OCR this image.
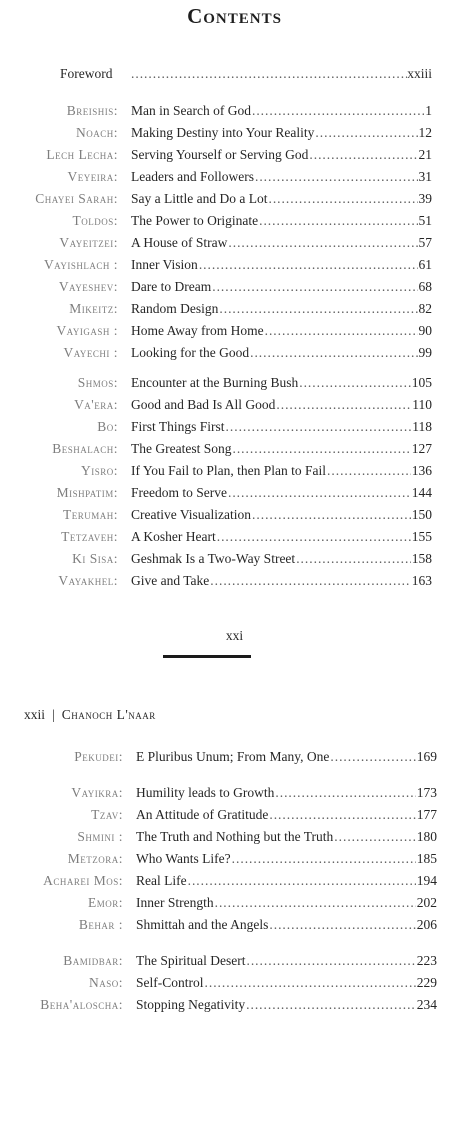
Contents
Foreword . . .	xxiii
Breishis: Man in Search of God . . .	1
Noach: Making Destiny into Your Reality . . .	12
Lech Lecha: Serving Yourself or Serving God . . .	21
Veyeira: Leaders and Followers . . .	31
Chayei Sarah: Say a Little and Do a Lot . . .	39
Toldos: The Power to Originate . . .	51
Vayeitzei: A House of Straw . . .	57
Vayishlach : Inner Vision . . .	61
Vayeshev: Dare to Dream . . .	68
Mikeitz: Random Design . . .	82
Vayigash : Home Away from Home . . .	90
Vayechi : Looking for the Good . . .	99
Shmos: Encounter at the Burning Bush . . .	105
Va'era: Good and Bad Is All Good . . .	110
Bo: First Things First . . .	118
Beshalach: The Greatest Song . . .	127
Yisro: If You Fail to Plan, then Plan to Fail . . .	136
Mishpatim: Freedom to Serve . . .	144
Terumah: Creative Visualization . . .	150
Tetzaveh: A Kosher Heart . . .	155
Ki Sisa: Geshmak Is a Two-Way Street . . .	158
Vayakhel: Give and Take . . .	163
xxi
xxii | Chanoch L'naar
Pekudei: E Pluribus Unum; From Many, One . . .	169
Vayikra: Humility leads to Growth . . .	173
Tzav: An Attitude of Gratitude . . .	177
Shmini : The Truth and Nothing but the Truth . . .	180
Metzora: Who Wants Life? . . .	185
Acharei Mos: Real Life . . .	194
Emor: Inner Strength . . .	202
Behar : Shmittah and the Angels . . .	206
Bamidbar: The Spiritual Desert . . .	223
Naso: Self-Control . . .	229
Beha'aloscha: Stopping Negativity . . .	234
